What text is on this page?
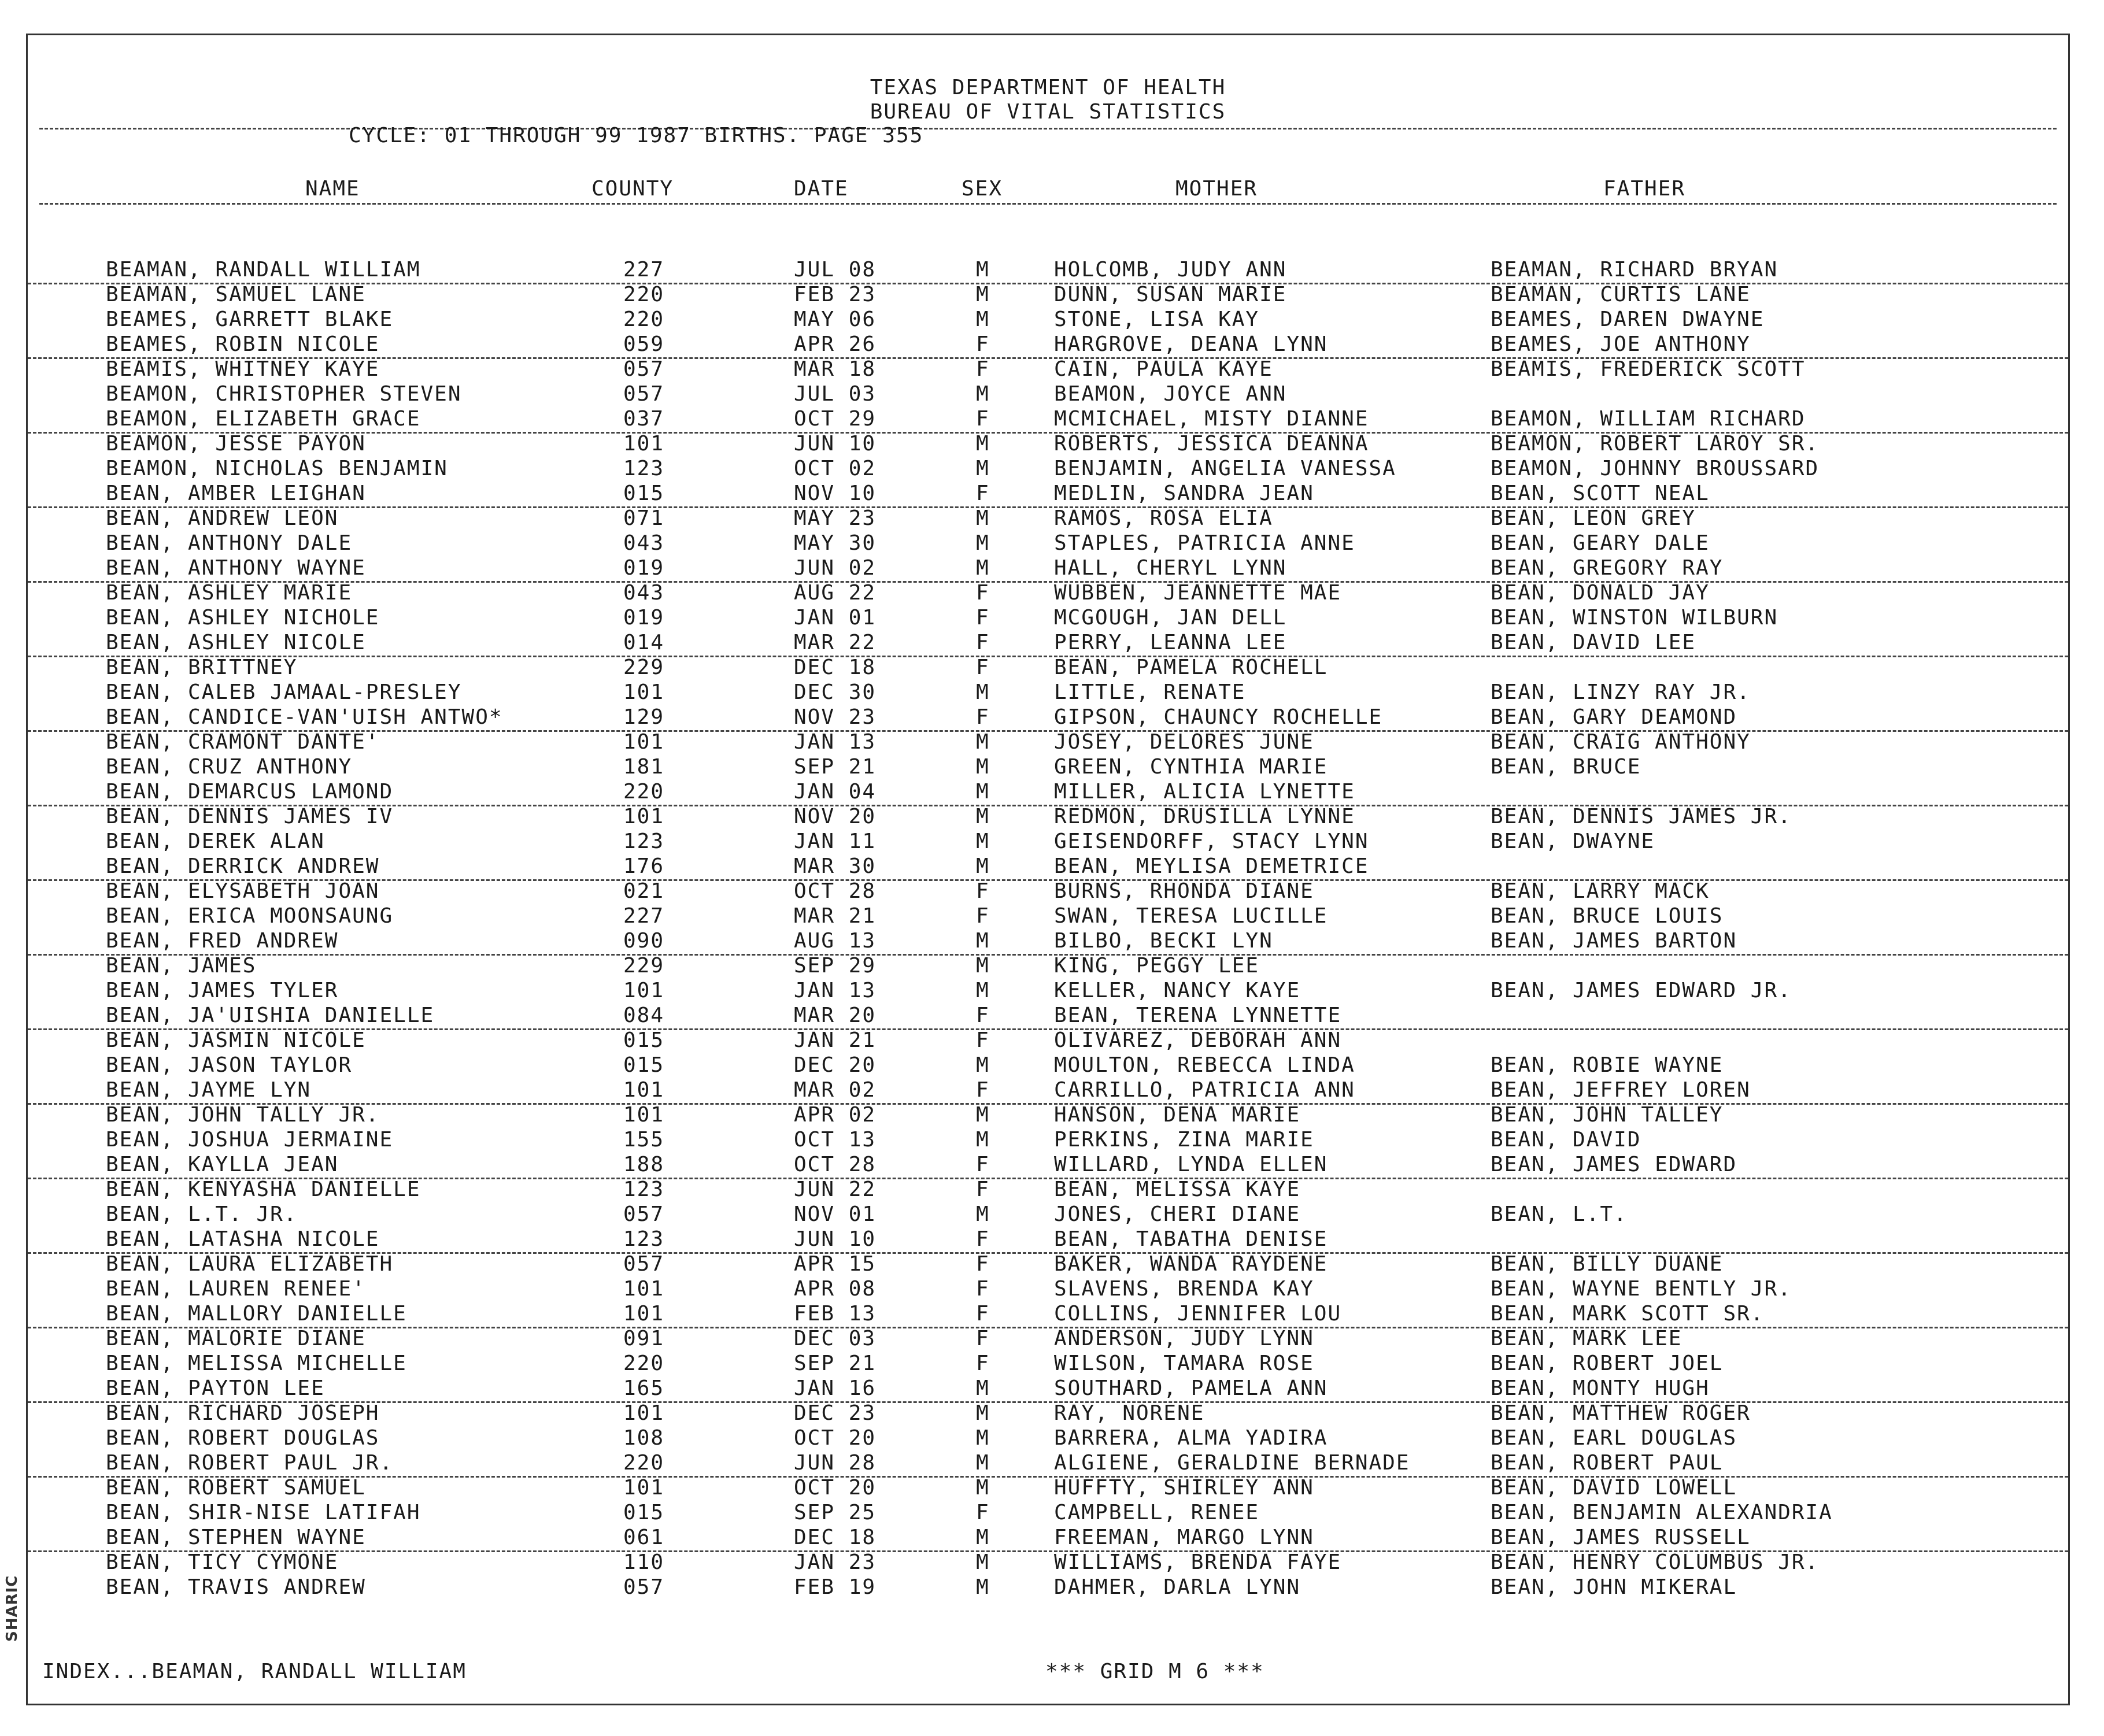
SHARIC
TEXAS DEPARTMENT OF HEALTH
BUREAU OF VITAL STATISTICS
CYCLE: 01 THROUGH 99 1987 BIRTHS. PAGE 355
NAME	COUNTY	DATE	SEX	MOTHER	FATHER
BEAMAN, RANDALL WILLIAM	227	JUL 08	M	HOLCOMB, JUDY ANN	BEAMAN, RICHARD BRYAN
BEAMAN, SAMUEL LANE	220	FEB 23	M	DUNN, SUSAN MARIE	BEAMAN, CURTIS LANE
BEAMES, GARRETT BLAKE	220	MAY 06	M	STONE, LISA KAY	BEAMES, DAREN DWAYNE
BEAMES, ROBIN NICOLE	059	APR 26	F	HARGROVE, DEANA LYNN	BEAMES, JOE ANTHONY
BEAMIS, WHITNEY KAYE	057	MAR 18	F	CAIN, PAULA KAYE	BEAMIS, FREDERICK SCOTT
BEAMON, CHRISTOPHER STEVEN	057	JUL 03	M	BEAMON, JOYCE ANN
BEAMON, ELIZABETH GRACE	037	OCT 29	F	MCMICHAEL, MISTY DIANNE	BEAMON, WILLIAM RICHARD
BEAMON, JESSE PAYON	101	JUN 10	M	ROBERTS, JESSICA DEANNA	BEAMON, ROBERT LAROY SR.
BEAMON, NICHOLAS BENJAMIN	123	OCT 02	M	BENJAMIN, ANGELIA VANESSA	BEAMON, JOHNNY BROUSSARD
BEAN, AMBER LEIGHAN	015	NOV 10	F	MEDLIN, SANDRA JEAN	BEAN, SCOTT NEAL
BEAN, ANDREW LEON	071	MAY 23	M	RAMOS, ROSA ELIA	BEAN, LEON GREY
BEAN, ANTHONY DALE	043	MAY 30	M	STAPLES, PATRICIA ANNE	BEAN, GEARY DALE
BEAN, ANTHONY WAYNE	019	JUN 02	M	HALL, CHERYL LYNN	BEAN, GREGORY RAY
BEAN, ASHLEY MARIE	043	AUG 22	F	WUBBEN, JEANNETTE MAE	BEAN, DONALD JAY
BEAN, ASHLEY NICHOLE	019	JAN 01	F	MCGOUGH, JAN DELL	BEAN, WINSTON WILBURN
BEAN, ASHLEY NICOLE	014	MAR 22	F	PERRY, LEANNA LEE	BEAN, DAVID LEE
BEAN, BRITTNEY	229	DEC 18	F	BEAN, PAMELA ROCHELL
BEAN, CALEB JAMAAL-PRESLEY	101	DEC 30	M	LITTLE, RENATE	BEAN, LINZY RAY JR.
BEAN, CANDICE-VAN'UISH ANTWO*	129	NOV 23	F	GIPSON, CHAUNCY ROCHELLE	BEAN, GARY DEAMOND
BEAN, CRAMONT DANTE'	101	JAN 13	M	JOSEY, DELORES JUNE	BEAN, CRAIG ANTHONY
BEAN, CRUZ ANTHONY	181	SEP 21	M	GREEN, CYNTHIA MARIE	BEAN, BRUCE
BEAN, DEMARCUS LAMOND	220	JAN 04	M	MILLER, ALICIA LYNETTE
BEAN, DENNIS JAMES IV	101	NOV 20	M	REDMON, DRUSILLA LYNNE	BEAN, DENNIS JAMES JR.
BEAN, DEREK ALAN	123	JAN 11	M	GEISENDORFF, STACY LYNN	BEAN, DWAYNE
BEAN, DERRICK ANDREW	176	MAR 30	M	BEAN, MEYLISA DEMETRICE
BEAN, ELYSABETH JOAN	021	OCT 28	F	BURNS, RHONDA DIANE	BEAN, LARRY MACK
BEAN, ERICA MOONSAUNG	227	MAR 21	F	SWAN, TERESA LUCILLE	BEAN, BRUCE LOUIS
BEAN, FRED ANDREW	090	AUG 13	M	BILBO, BECKI LYN	BEAN, JAMES BARTON
BEAN, JAMES	229	SEP 29	M	KING, PEGGY LEE
BEAN, JAMES TYLER	101	JAN 13	M	KELLER, NANCY KAYE	BEAN, JAMES EDWARD JR.
BEAN, JA'UISHIA DANIELLE	084	MAR 20	F	BEAN, TERENA LYNNETTE
BEAN, JASMIN NICOLE	015	JAN 21	F	OLIVAREZ, DEBORAH ANN
BEAN, JASON TAYLOR	015	DEC 20	M	MOULTON, REBECCA LINDA	BEAN, ROBIE WAYNE
BEAN, JAYME LYN	101	MAR 02	F	CARRILLO, PATRICIA ANN	BEAN, JEFFREY LOREN
BEAN, JOHN TALLY JR.	101	APR 02	M	HANSON, DENA MARIE	BEAN, JOHN TALLEY
BEAN, JOSHUA JERMAINE	155	OCT 13	M	PERKINS, ZINA MARIE	BEAN, DAVID
BEAN, KAYLLA JEAN	188	OCT 28	F	WILLARD, LYNDA ELLEN	BEAN, JAMES EDWARD
BEAN, KENYASHA DANIELLE	123	JUN 22	F	BEAN, MELISSA KAYE
BEAN, L.T. JR.	057	NOV 01	M	JONES, CHERI DIANE	BEAN, L.T.
BEAN, LATASHA NICOLE	123	JUN 10	F	BEAN, TABATHA DENISE
BEAN, LAURA ELIZABETH	057	APR 15	F	BAKER, WANDA RAYDENE	BEAN, BILLY DUANE
BEAN, LAUREN RENEE'	101	APR 08	F	SLAVENS, BRENDA KAY	BEAN, WAYNE BENTLY JR.
BEAN, MALLORY DANIELLE	101	FEB 13	F	COLLINS, JENNIFER LOU	BEAN, MARK SCOTT SR.
BEAN, MALORIE DIANE	091	DEC 03	F	ANDERSON, JUDY LYNN	BEAN, MARK LEE
BEAN, MELISSA MICHELLE	220	SEP 21	F	WILSON, TAMARA ROSE	BEAN, ROBERT JOEL
BEAN, PAYTON LEE	165	JAN 16	M	SOUTHARD, PAMELA ANN	BEAN, MONTY HUGH
BEAN, RICHARD JOSEPH	101	DEC 23	M	RAY, NORENE	BEAN, MATTHEW ROGER
BEAN, ROBERT DOUGLAS	108	OCT 20	M	BARRERA, ALMA YADIRA	BEAN, EARL DOUGLAS
BEAN, ROBERT PAUL JR.	220	JUN 28	M	ALGIENE, GERALDINE BERNADE	BEAN, ROBERT PAUL
BEAN, ROBERT SAMUEL	101	OCT 20	M	HUFFTY, SHIRLEY ANN	BEAN, DAVID LOWELL
BEAN, SHIR-NISE LATIFAH	015	SEP 25	F	CAMPBELL, RENEE	BEAN, BENJAMIN ALEXANDRIA
BEAN, STEPHEN WAYNE	061	DEC 18	M	FREEMAN, MARGO LYNN	BEAN, JAMES RUSSELL
BEAN, TICY CYMONE	110	JAN 23	M	WILLIAMS, BRENDA FAYE	BEAN, HENRY COLUMBUS JR.
BEAN, TRAVIS ANDREW	057	FEB 19	M	DAHMER, DARLA LYNN	BEAN, JOHN MIKERAL
INDEX...BEAMAN, RANDALL WILLIAM	*** GRID M 6 ***
